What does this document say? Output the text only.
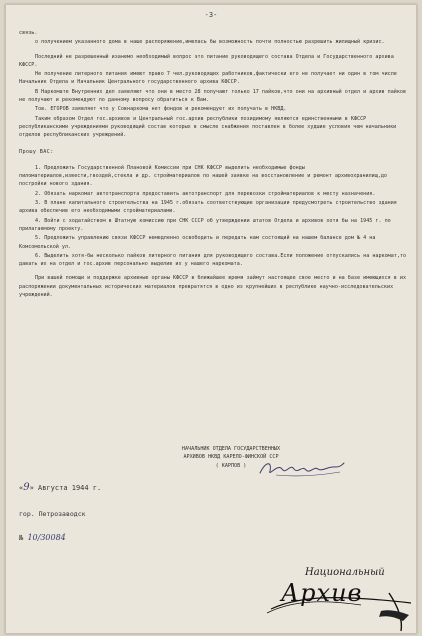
-3-

связь.

о получением указанного дома в наше распоряжение,имелась бы возможность почти полностью разрешить жилищный кризис.

Последний не разрешенный изанемо необходимый вопрос это питание руководящего состава Отдела и Государственного архива КФССР.

Не получение литерного питания имеют право 7 чел.руководящих работников,фактически его не получает ни один в том числе Начальник Отдела и Начальник Центрального государственного архива КФССР.

В Наркомате Внутренних дел заявляют что они в место 28 получают только 17 пайков,что они на архивный отдел и архив пайков не получают и рекомендуют по данному вопросу обратиться к Вам.

Тов. ЕГОРОВ заявляет что у Совнаркома нет фондов и рекомендует их получать в НКВД.

Таким образом Отдел гос.архивов и Центральный гос.архив республики позидимому являются единственными в КФССР республиканскими учреждениями руководящий состав которых в смысле снабжения поставлен в более худшие условия чем начальники отделов республиканских учреждений.

Прошу ВАС:

1. Предложить Государственной Плановой Комиссии при СНК КФССР выделить необходимые фонды пиломатериалов,извести,гвоздей,стекла и др. стройматериалов по нашей заявке на восстановление и ремонт архивохранилищ,до постройки нового здания.

2. Обязать наркомат автотранспорта предоставить автотранспорт для перевозки стройматериалов к месту назначения.

3. В плане капитального строительства на 1945 г.обязать соответствующие организации предусмотреть строительство здания архива обеспечив его необходимыми стройматериалами.

4. Войти с ходатайством в Штатную комиссию при СНК СССР об утверждении штатов Отдела и архивов хотя бы на 1945 г. по прилагаемому проекту.

5. Предложить управлению связи КФССР немедленно освободить и передать нам состоящий на нашем балансе дом № 4 на Комсомольской ул.

6. Выделить хотя-бы несколько пайков литерного питания для руководящего состава.Если положение отпускались на наркомат,то давать их на отдел и гос.архив персонально выделив их у нашего наркомата.

При вашей помощи и поддержке архивные органы КФССР в ближайшее время займут настоящее свое место и на базе имеющихся в их распоряжении документальных исторических материалов превратятся в одно из крупнейших в республике научно-исследовательских учреждений.

НАЧАЛЬНИК ОТДЕЛА ГОСУДАРСТВЕННЫХ
АРХИВОВ НКВД КАРЕЛО-ФИНСКОЙ ССР
( КАРПОВ )
«9» Августа 1944 г.
гор. Петрозаводск
№ 10/30084
Национальный
Архив
